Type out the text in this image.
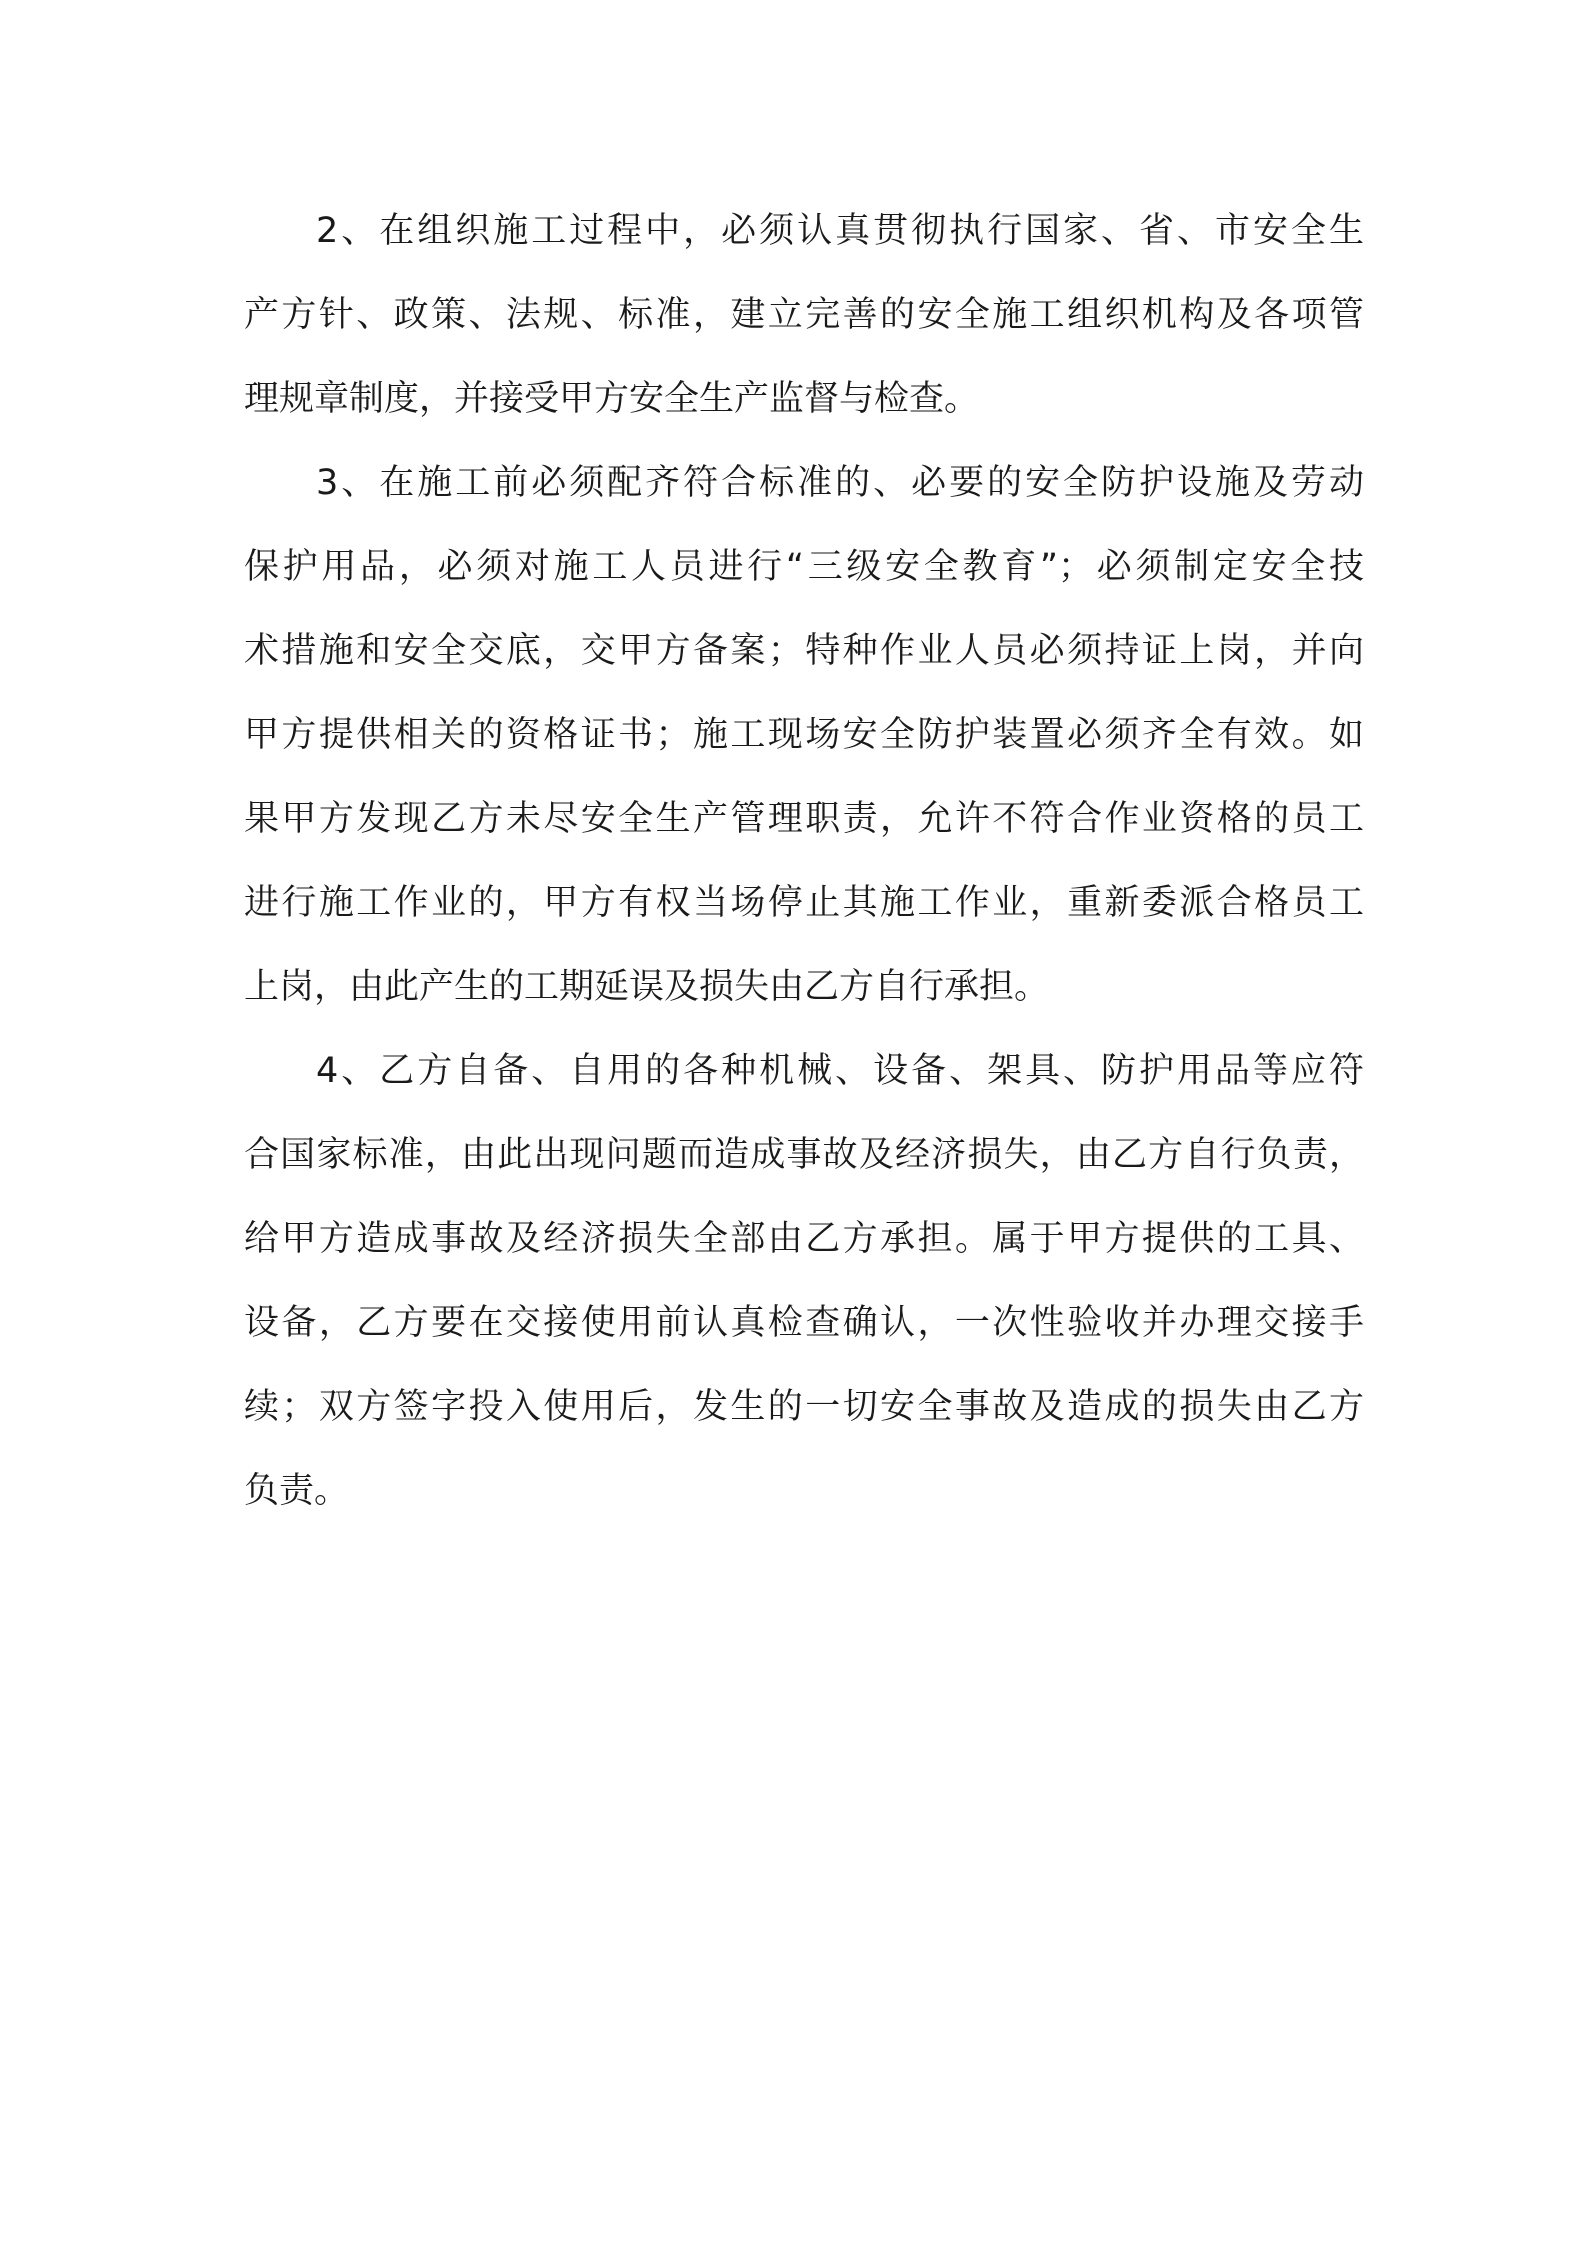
2、在组织施工过程中，必须认真贯彻执行国家、省、市安全生
产方针、政策、法规、标准，建立完善的安全施工组织机构及各项管
理规章制度，并接受甲方安全生产监督与检查。
3、在施工前必须配齐符合标准的、必要的安全防护设施及劳动
保护用品，必须对施工人员进行“三级安全教育”；必须制定安全技
术措施和安全交底，交甲方备案；特种作业人员必须持证上岗，并向
甲方提供相关的资格证书；施工现场安全防护装置必须齐全有效。如
果甲方发现乙方未尽安全生产管理职责，允许不符合作业资格的员工
进行施工作业的，甲方有权当场停止其施工作业，重新委派合格员工
上岗，由此产生的工期延误及损失由乙方自行承担。
4、乙方自备、自用的各种机械、设备、架具、防护用品等应符
合国家标准，由此出现问题而造成事故及经济损失，由乙方自行负责，
给甲方造成事故及经济损失全部由乙方承担。属于甲方提供的工具、
设备，乙方要在交接使用前认真检查确认，一次性验收并办理交接手
续；双方签字投入使用后，发生的一切安全事故及造成的损失由乙方
负责。
